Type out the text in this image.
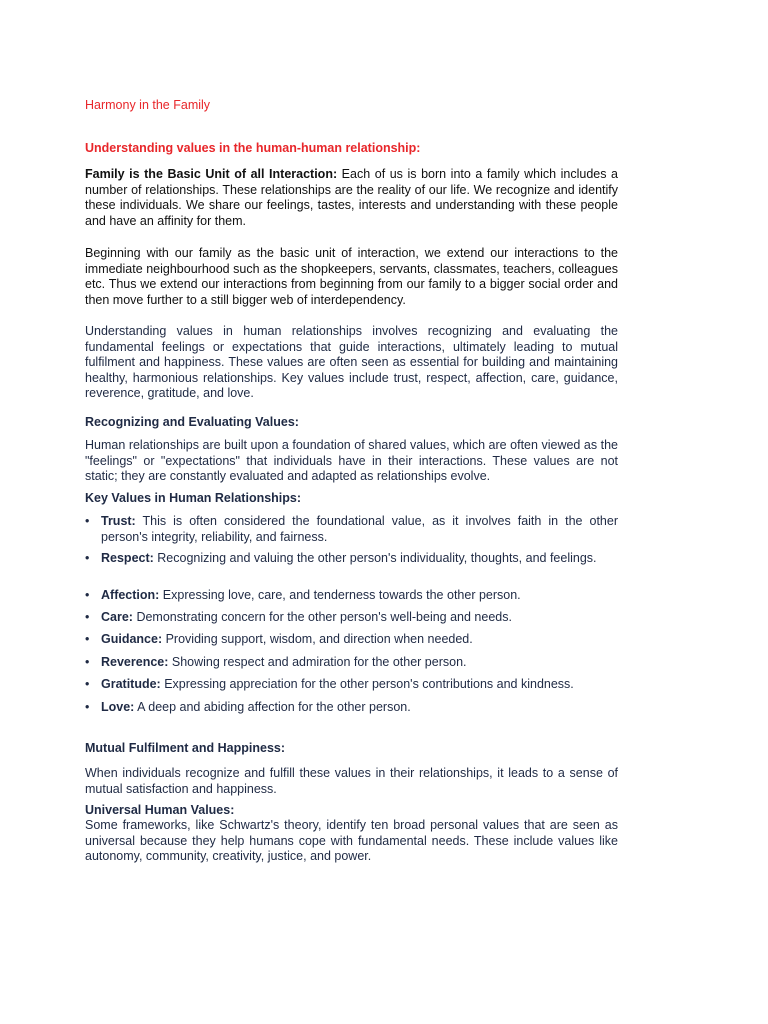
Harmony in the Family
Understanding values in the human-human relationship:
Family is the Basic Unit of all Interaction: Each of us is born into a family which includes a number of relationships. These relationships are the reality of our life. We recognize and identify these individuals. We share our feelings, tastes, interests and understanding with these people and have an affinity for them.
Beginning with our family as the basic unit of interaction, we extend our interactions to the immediate neighbourhood such as the shopkeepers, servants, classmates, teachers, colleagues etc. Thus we extend our interactions from beginning from our family to a bigger social order and then move further to a still bigger web of interdependency.
Understanding values in human relationships involves recognizing and evaluating the fundamental feelings or expectations that guide interactions, ultimately leading to mutual fulfilment and happiness. These values are often seen as essential for building and maintaining healthy, harmonious relationships. Key values include trust, respect, affection, care, guidance, reverence, gratitude, and love.
Recognizing and Evaluating Values:
Human relationships are built upon a foundation of shared values, which are often viewed as the "feelings" or "expectations" that individuals have in their interactions. These values are not static; they are constantly evaluated and adapted as relationships evolve.
Key Values in Human Relationships:
• Trust: This is often considered the foundational value, as it involves faith in the other person's integrity, reliability, and fairness.
• Respect: Recognizing and valuing the other person's individuality, thoughts, and feelings.
• Affection: Expressing love, care, and tenderness towards the other person.
• Care: Demonstrating concern for the other person's well-being and needs.
• Guidance: Providing support, wisdom, and direction when needed.
• Reverence: Showing respect and admiration for the other person.
• Gratitude: Expressing appreciation for the other person's contributions and kindness.
• Love: A deep and abiding affection for the other person.
Mutual Fulfilment and Happiness:
When individuals recognize and fulfill these values in their relationships, it leads to a sense of mutual satisfaction and happiness.
Universal Human Values:
Some frameworks, like Schwartz's theory, identify ten broad personal values that are seen as universal because they help humans cope with fundamental needs. These include values like autonomy, community, creativity, justice, and power.
